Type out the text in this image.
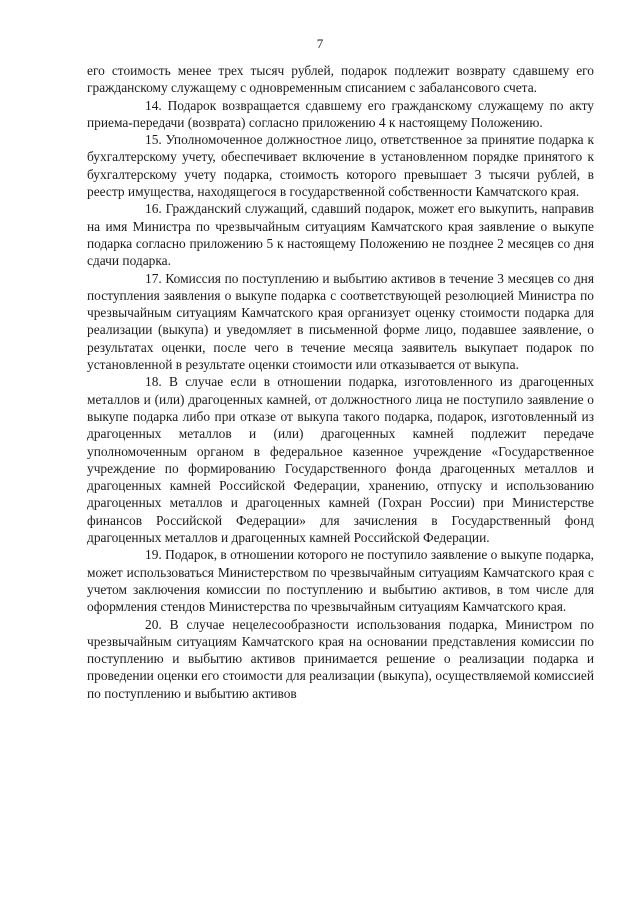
7

его стоимость менее трех тысяч рублей, подарок подлежит возврату сдавшему его гражданскому служащему с одновременным списанием с забалансового счета.

14. Подарок возвращается сдавшему его гражданскому служащему по акту приема-передачи (возврата) согласно приложению 4 к настоящему Положению.

15. Уполномоченное должностное лицо, ответственное за принятие подарка к бухгалтерскому учету, обеспечивает включение в установленном порядке принятого к бухгалтерскому учету подарка, стоимость которого превышает 3 тысячи рублей, в реестр имущества, находящегося в государственной собственности Камчатского края.

16. Гражданский служащий, сдавший подарок, может его выкупить, направив на имя Министра по чрезвычайным ситуациям Камчатского края заявление о выкупе подарка согласно приложению 5 к настоящему Положению не позднее 2 месяцев со дня сдачи подарка.

17. Комиссия по поступлению и выбытию активов в течение 3 месяцев со дня поступления заявления о выкупе подарка с соответствующей резолюцией Министра по чрезвычайным ситуациям Камчатского края организует оценку стоимости подарка для реализации (выкупа) и уведомляет в письменной форме лицо, подавшее заявление, о результатах оценки, после чего в течение месяца заявитель выкупает подарок по установленной в результате оценки стоимости или отказывается от выкупа.

18. В случае если в отношении подарка, изготовленного из драгоценных металлов и (или) драгоценных камней, от должностного лица не поступило заявление о выкупе подарка либо при отказе от выкупа такого подарка, подарок, изготовленный из драгоценных металлов и (или) драгоценных камней подлежит передаче уполномоченным органом в федеральное казенное учреждение «Государственное учреждение по формированию Государственного фонда драгоценных металлов и драгоценных камней Российской Федерации, хранению, отпуску и использованию драгоценных металлов и драгоценных камней (Гохран России) при Министерстве финансов Российской Федерации» для зачисления в Государственный фонд драгоценных металлов и драгоценных камней Российской Федерации.

19. Подарок, в отношении которого не поступило заявление о выкупе подарка, может использоваться Министерством по чрезвычайным ситуациям Камчатского края с учетом заключения комиссии по поступлению и выбытию активов, в том числе для оформления стендов Министерства по чрезвычайным ситуациям Камчатского края.

20. В случае нецелесообразности использования подарка, Министром по чрезвычайным ситуациям Камчатского края на основании представления комиссии по поступлению и выбытию активов принимается решение о реализации подарка и проведении оценки его стоимости для реализации (выкупа), осуществляемой комиссией по поступлению и выбытию активов
